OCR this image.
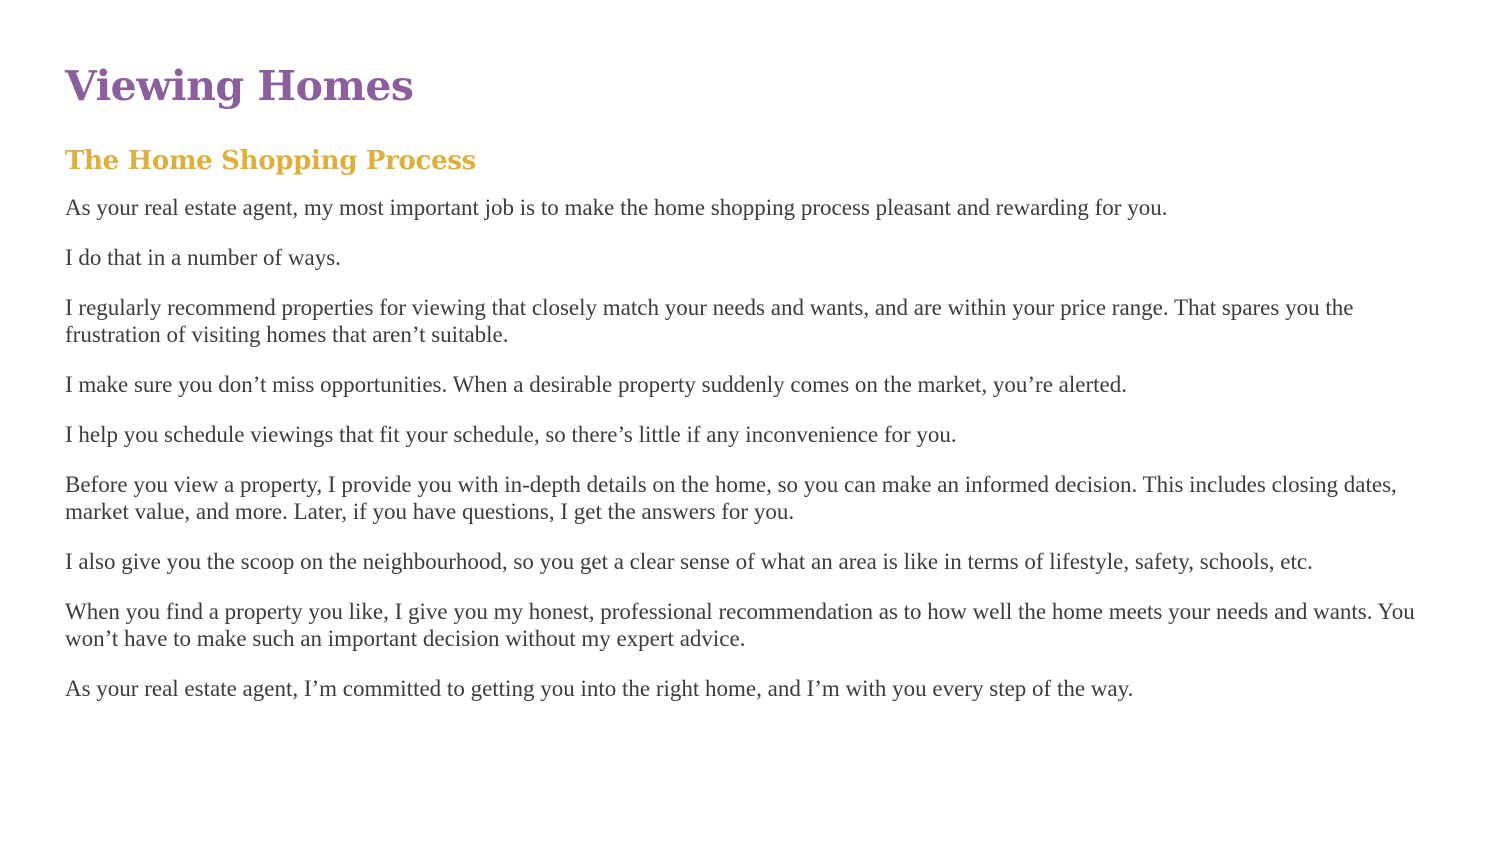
Viewing Homes
The Home Shopping Process

As your real estate agent, my most important job is to make the home shopping process pleasant and rewarding for you.

I do that in a number of ways.

I regularly recommend properties for viewing that closely match your needs and wants, and are within your price range. That spares you the frustration of visiting homes that aren’t suitable.

I make sure you don’t miss opportunities. When a desirable property suddenly comes on the market, you’re alerted.

I help you schedule viewings that fit your schedule, so there’s little if any inconvenience for you.

Before you view a property, I provide you with in-depth details on the home, so you can make an informed decision. This includes closing dates, market value, and more. Later, if you have questions, I get the answers for you.

I also give you the scoop on the neighbourhood, so you get a clear sense of what an area is like in terms of lifestyle, safety, schools, etc.

When you find a property you like, I give you my honest, professional recommendation as to how well the home meets your needs and wants. You won’t have to make such an important decision without my expert advice.

As your real estate agent, I’m committed to getting you into the right home, and I’m with you every step of the way.
